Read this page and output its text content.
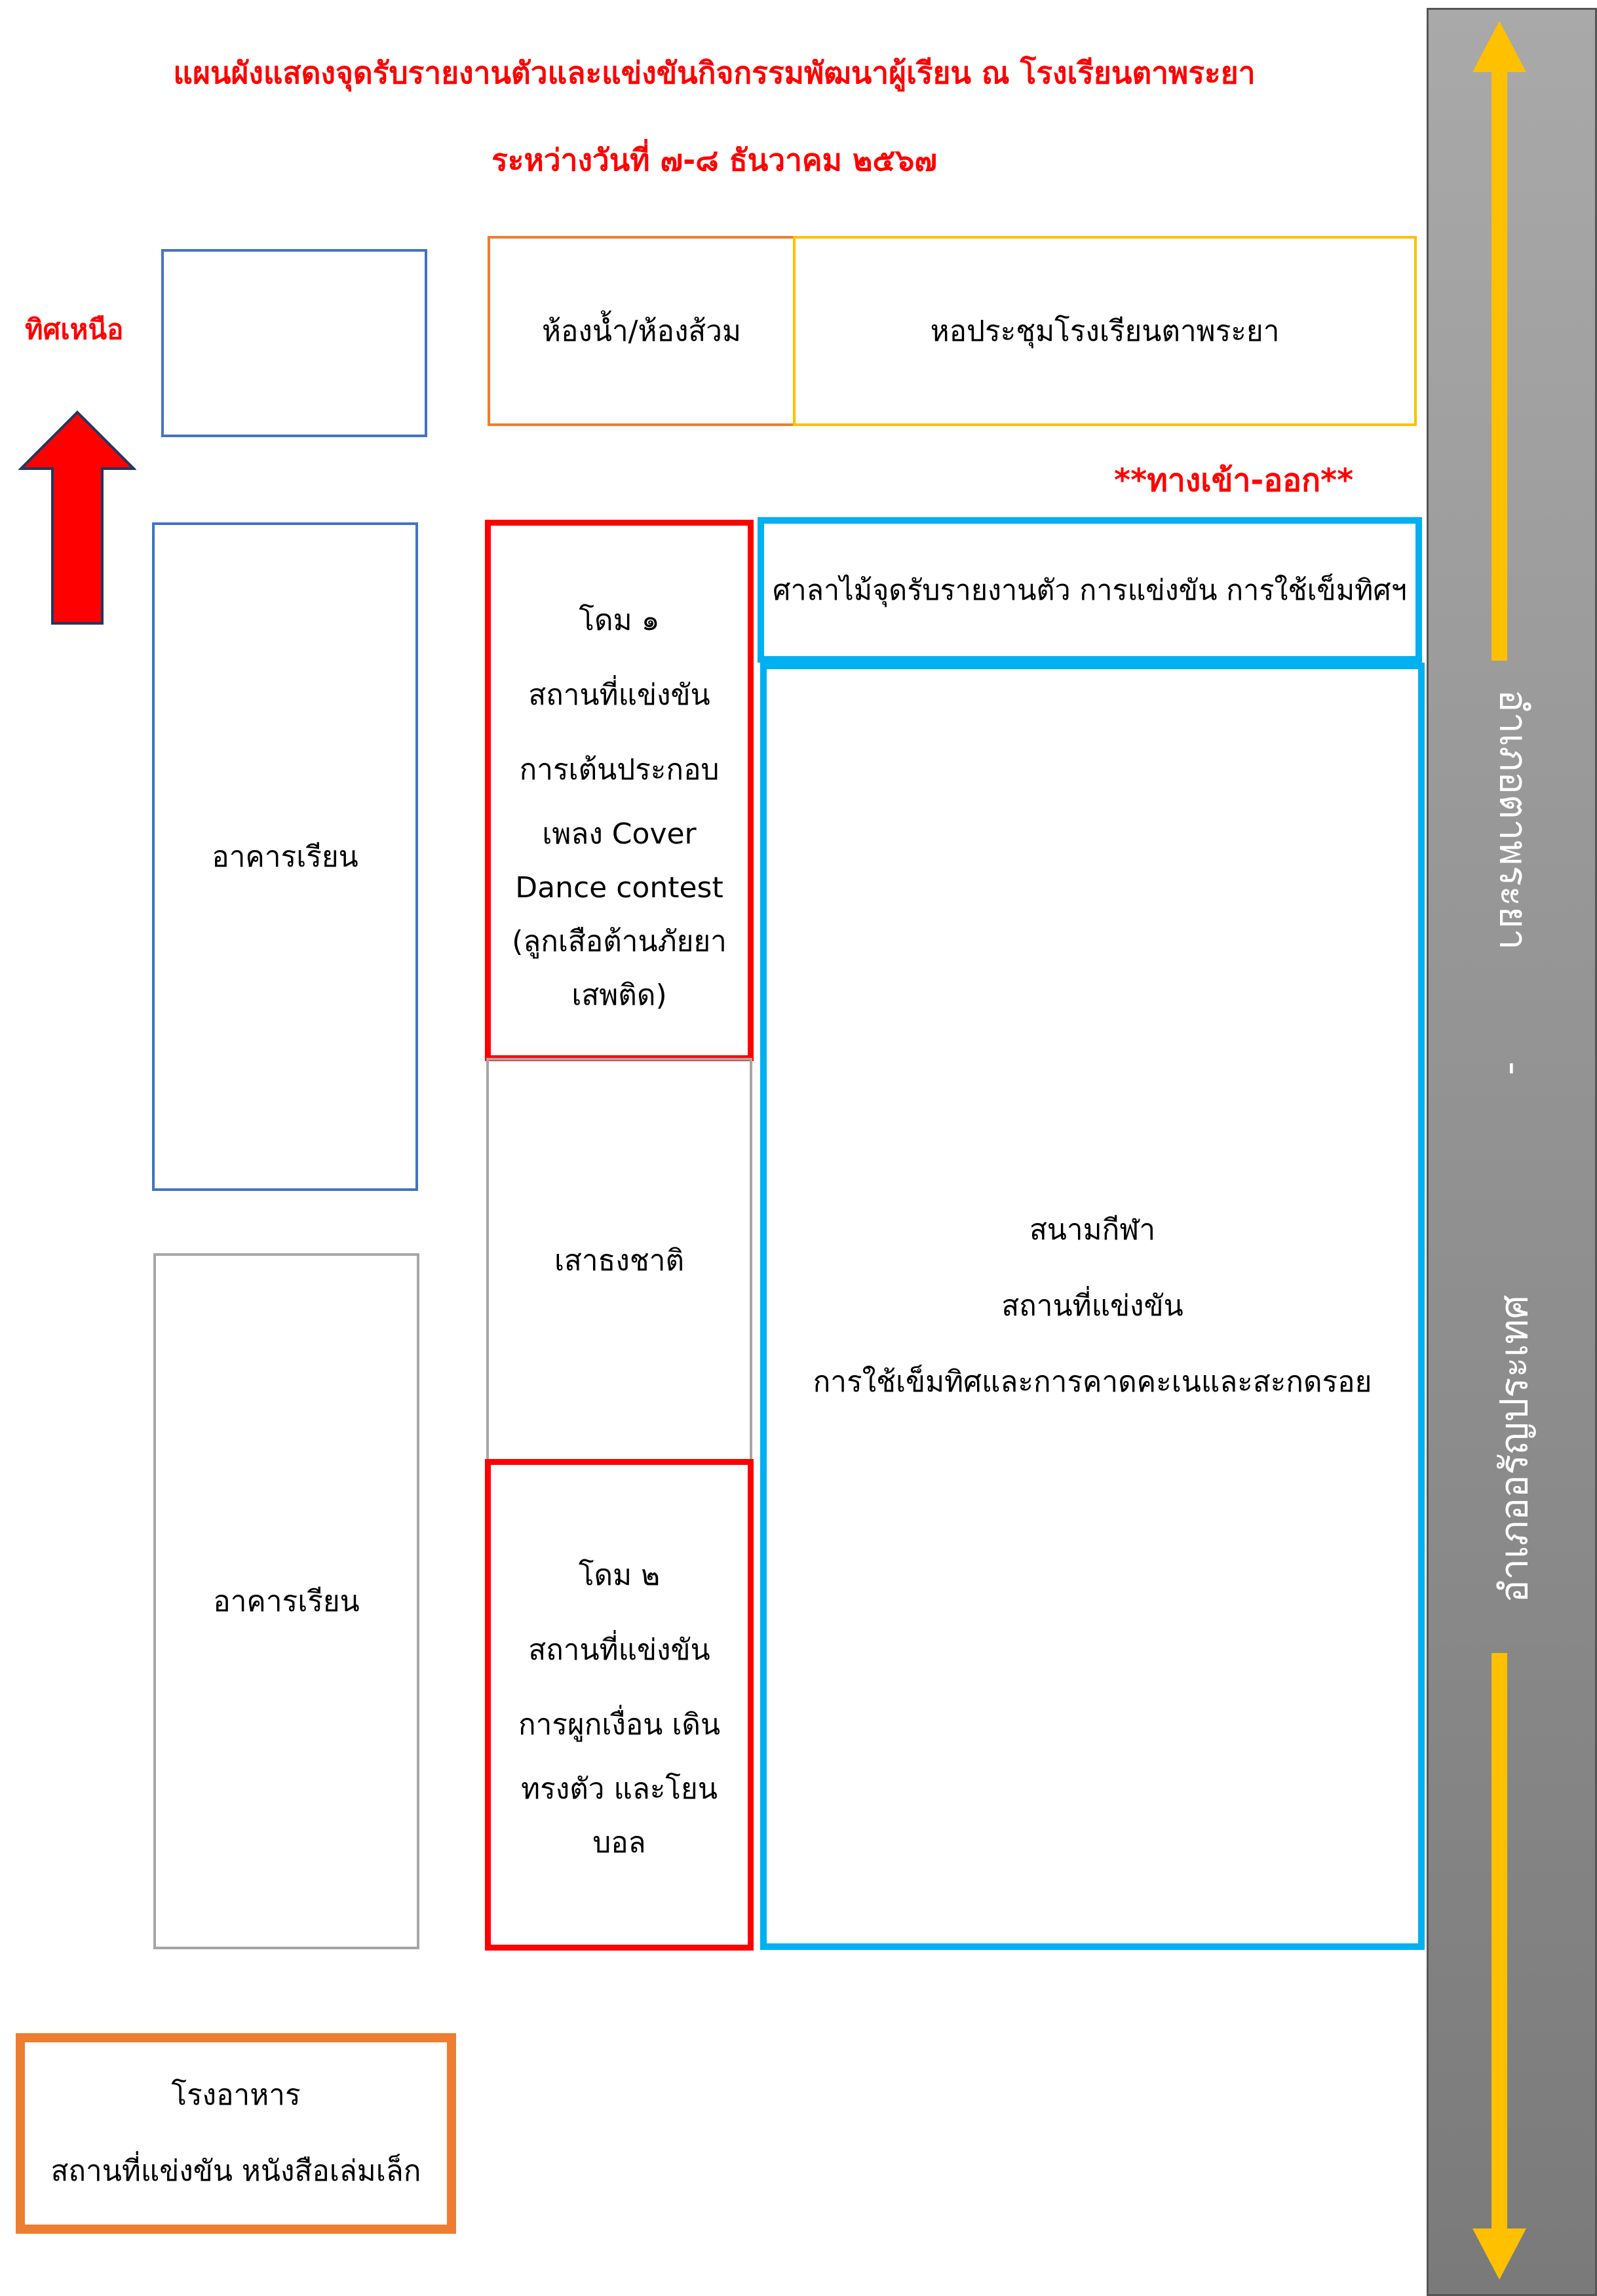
แผนผังแสดงจุดรับรายงานตัวและแข่งขันกิจกรรมพัฒนาผู้เรียน ณ โรงเรียนตาพระยา
ระหว่างวันที่ ๗-๘ ธันวาคม ๒๕๖๗
ทิศเหนือ	ห้องน้ำ/ห้องส้วม	หอประชุมโรงเรียนตาพระยา
**ทางเข้า-ออก**
อาคารเรียน
อาคารเรียน
โดม ๑
สถานที่แข่งขัน
การเต้นประกอบ
เพลง Cover
Dance contest
(ลูกเสือต้านภัยยา
เสพติด)
เสาธงชาติ
โดม ๒
สถานที่แข่งขัน
การผูกเงื่อน เดิน
ทรงตัว และโยน
บอล
ศาลาไม้จุดรับรายงานตัว การแข่งขัน การใช้เข็มทิศฯ
สนามกีฬา
สถานที่แข่งขัน
การใช้เข็มทิศและการคาดคะเนและสะกดรอย
โรงอาหาร
สถานที่แข่งขัน หนังสือเล่มเล็ก
อำเภอตาพระยา
-
อำเภออรัญประเทศ
